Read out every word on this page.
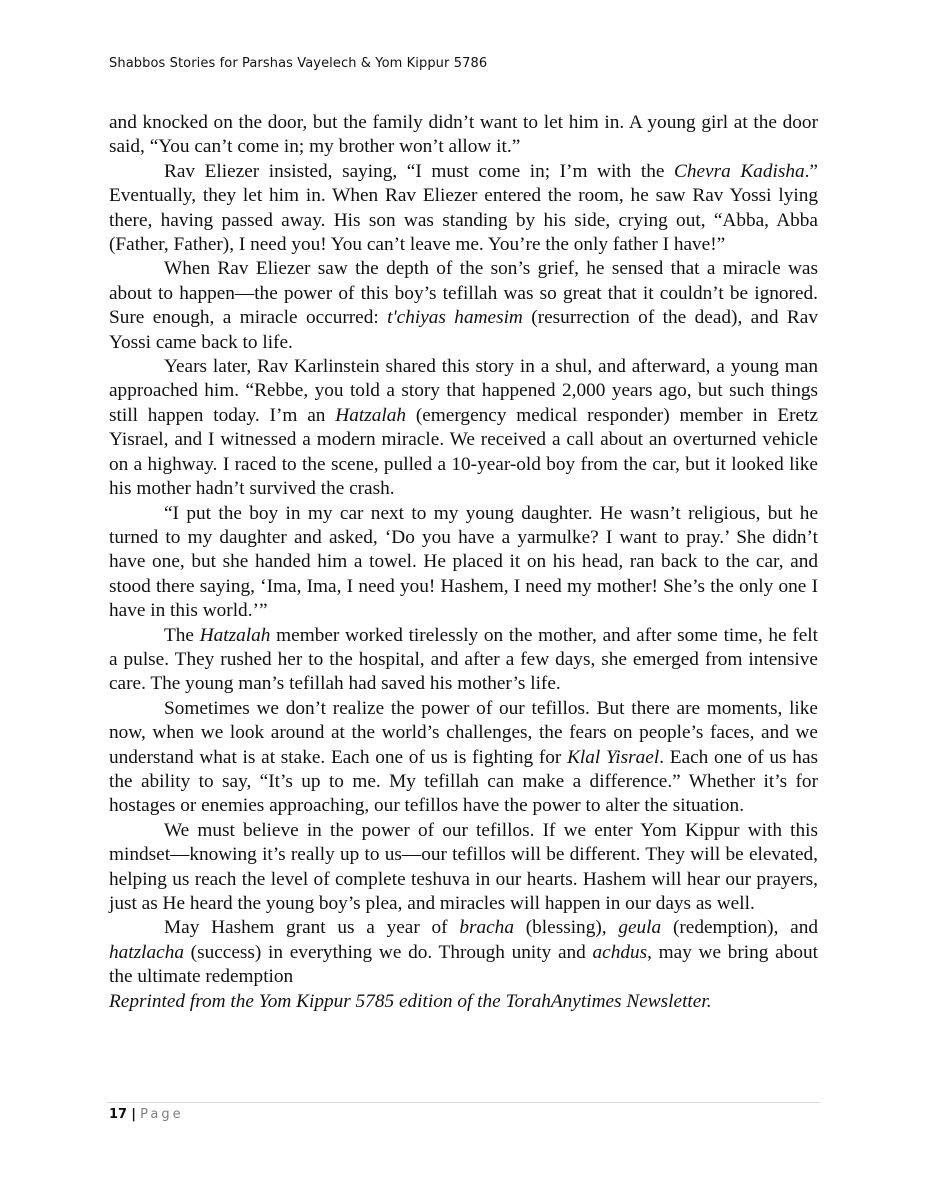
Shabbos Stories for Parshas Vayelech & Yom Kippur 5786

and knocked on the door, but the family didn’t want to let him in. A young girl at the door said, “You can’t come in; my brother won’t allow it.”

Rav Eliezer insisted, saying, “I must come in; I’m with the Chevra Kadisha.” Eventually, they let him in. When Rav Eliezer entered the room, he saw Rav Yossi lying there, having passed away. His son was standing by his side, crying out, “Abba, Abba (Father, Father), I need you! You can’t leave me. You’re the only father I have!”

When Rav Eliezer saw the depth of the son’s grief, he sensed that a miracle was about to happen—the power of this boy’s tefillah was so great that it couldn’t be ignored. Sure enough, a miracle occurred: t'chiyas hamesim (resurrection of the dead), and Rav Yossi came back to life.

Years later, Rav Karlinstein shared this story in a shul, and afterward, a young man approached him. “Rebbe, you told a story that happened 2,000 years ago, but such things still happen today. I’m an Hatzalah (emergency medical responder) member in Eretz Yisrael, and I witnessed a modern miracle. We received a call about an overturned vehicle on a highway. I raced to the scene, pulled a 10-year-old boy from the car, but it looked like his mother hadn’t survived the crash.

“I put the boy in my car next to my young daughter. He wasn’t religious, but he turned to my daughter and asked, ‘Do you have a yarmulke? I want to pray.’ She didn’t have one, but she handed him a towel. He placed it on his head, ran back to the car, and stood there saying, ‘Ima, Ima, I need you! Hashem, I need my mother! She’s the only one I have in this world.’”

The Hatzalah member worked tirelessly on the mother, and after some time, he felt a pulse. They rushed her to the hospital, and after a few days, she emerged from intensive care. The young man’s tefillah had saved his mother’s life.

Sometimes we don’t realize the power of our tefillos. But there are moments, like now, when we look around at the world’s challenges, the fears on people’s faces, and we understand what is at stake. Each one of us is fighting for Klal Yisrael. Each one of us has the ability to say, “It’s up to me. My tefillah can make a difference.” Whether it’s for hostages or enemies approaching, our tefillos have the power to alter the situation.

We must believe in the power of our tefillos. If we enter Yom Kippur with this mindset—knowing it’s really up to us—our tefillos will be different. They will be elevated, helping us reach the level of complete teshuva in our hearts. Hashem will hear our prayers, just as He heard the young boy’s plea, and miracles will happen in our days as well.

May Hashem grant us a year of bracha (blessing), geula (redemption), and hatzlacha (success) in everything we do. Through unity and achdus, may we bring about the ultimate redemption

Reprinted from the Yom Kippur 5785 edition of the TorahAnytimes Newsletter.

17 | Page
